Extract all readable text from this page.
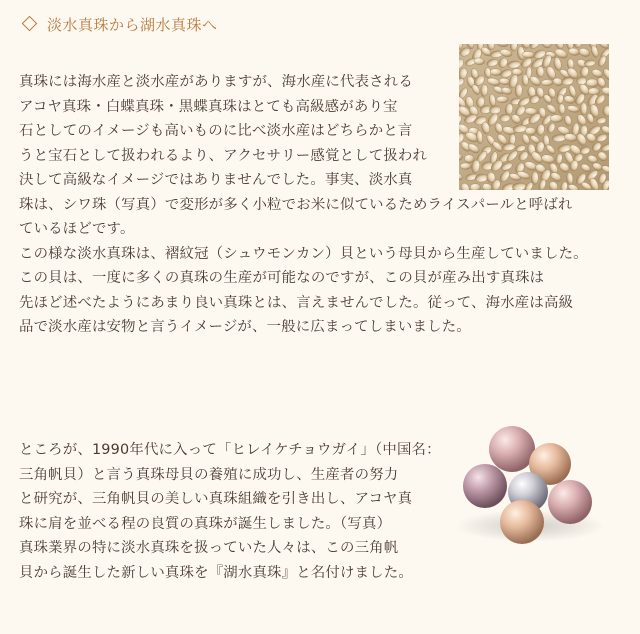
淡水真珠から湖水真珠へ
真珠には海水産と淡水産がありますが、海水産に代表される
アコヤ真珠・白蝶真珠・黒蝶真珠はとても高級感があり宝
石としてのイメージも高いものに比べ淡水産はどちらかと言
うと宝石として扱われるより、アクセサリー感覚として扱われ
決して高級なイメージではありませんでした。事実、淡水真
珠は、シワ珠（写真）で変形が多く小粒でお米に似ているためライスパールと呼ばれ
ているほどです。
この様な淡水真珠は、褶紋冠（シュウモンカン）貝という母貝から生産していました。
この貝は、一度に多くの真珠の生産が可能なのですが、この貝が産み出す真珠は
先ほど述べたようにあまり良い真珠とは、言えませんでした。従って、海水産は高級
品で淡水産は安物と言うイメージが、一般に広まってしまいました。
ところが、1990年代に入って「ヒレイケチョウガイ」（中国名：
三角帆貝）と言う真珠母貝の養殖に成功し、生産者の努力
と研究が、三角帆貝の美しい真珠組織を引き出し、アコヤ真
珠に肩を並べる程の良質の真珠が誕生しました。（写真）
真珠業界の特に淡水真珠を扱っていた人々は、この三角帆
貝から誕生した新しい真珠を『湖水真珠』と名付けました。
